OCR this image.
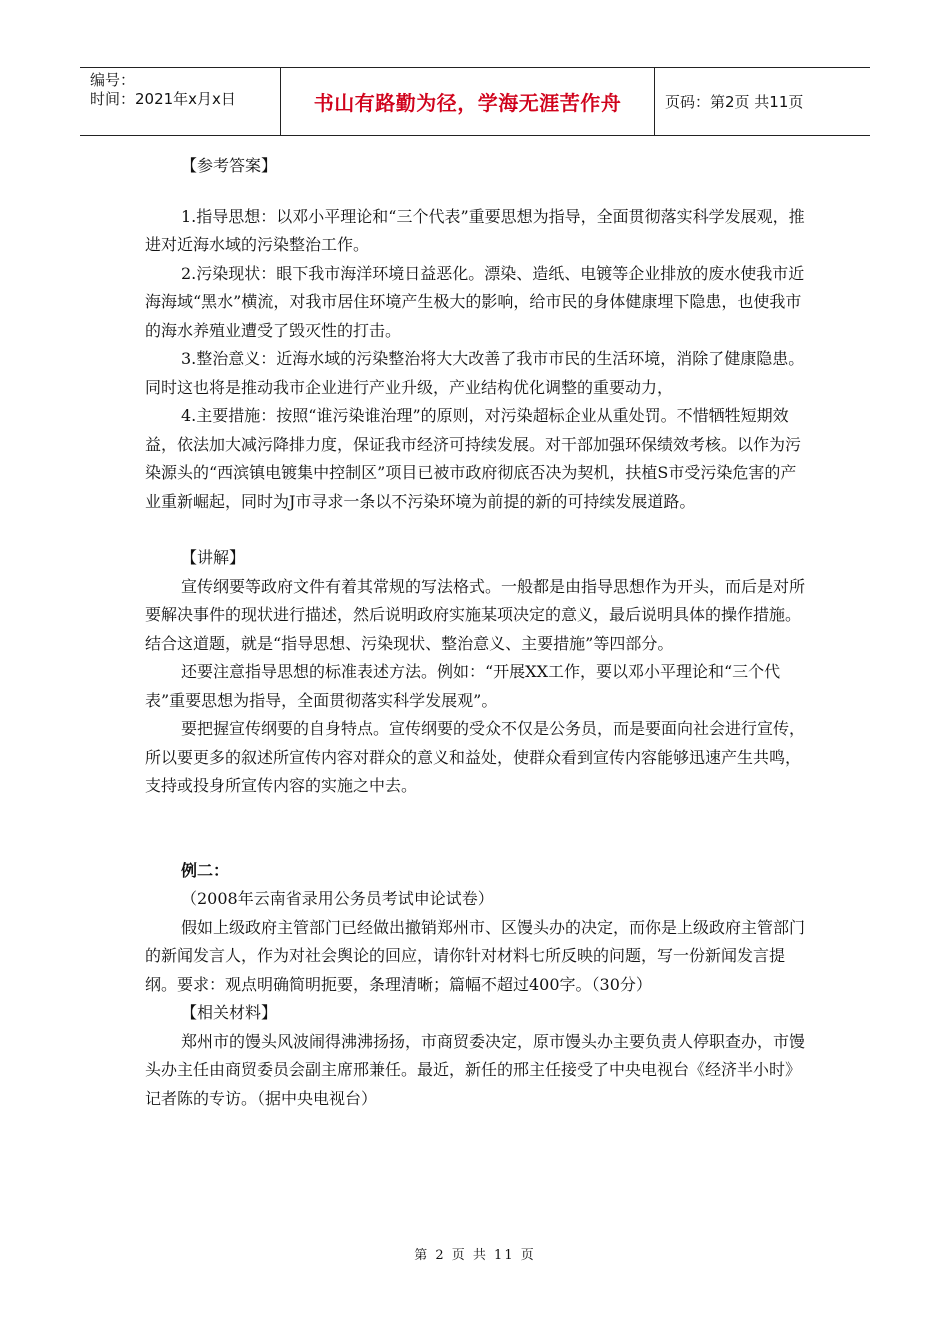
编号：
时间：2021年x月x日	书山有路勤为径，学海无涯苦作舟	页码：第2页 共11页

【参考答案】

1.指导思想：以邓小平理论和“三个代表”重要思想为指导，全面贯彻落实科学发展观，推进对近海水域的污染整治工作。

2.污染现状：眼下我市海洋环境日益恶化。漂染、造纸、电镀等企业排放的废水使我市近海海域“黑水”横流，对我市居住环境产生极大的影响，给市民的身体健康埋下隐患，也使我市的海水养殖业遭受了毁灭性的打击。

3.整治意义：近海水域的污染整治将大大改善了我市市民的生活环境，消除了健康隐患。同时这也将是推动我市企业进行产业升级，产业结构优化调整的重要动力，

4.主要措施：按照“谁污染谁治理”的原则，对污染超标企业从重处罚。不惜牺牲短期效益，依法加大减污降排力度，保证我市经济可持续发展。对干部加强环保绩效考核。以作为污染源头的“西滨镇电镀集中控制区”项目已被市政府彻底否决为契机，扶植S市受污染危害的产业重新崛起，同时为J市寻求一条以不污染环境为前提的新的可持续发展道路。

【讲解】

宣传纲要等政府文件有着其常规的写法格式。一般都是由指导思想作为开头，而后是对所要解决事件的现状进行描述，然后说明政府实施某项决定的意义，最后说明具体的操作措施。结合这道题，就是“指导思想、污染现状、整治意义、主要措施”等四部分。

还要注意指导思想的标准表述方法。例如：“开展XX工作，要以邓小平理论和“三个代表”重要思想为指导，全面贯彻落实科学发展观”。

要把握宣传纲要的自身特点。宣传纲要的受众不仅是公务员，而是要面向社会进行宣传，所以要更多的叙述所宣传内容对群众的意义和益处，使群众看到宣传内容能够迅速产生共鸣，支持或投身所宣传内容的实施之中去。

例二：

（2008年云南省录用公务员考试申论试卷）

假如上级政府主管部门已经做出撤销郑州市、区馒头办的决定，而你是上级政府主管部门的新闻发言人，作为对社会舆论的回应，请你针对材料七所反映的问题，写一份新闻发言提纲。要求：观点明确简明扼要，条理清晰；篇幅不超过400字。（30分）

【相关材料】

郑州市的馒头风波闹得沸沸扬扬，市商贸委决定，原市馒头办主要负责人停职查办，市馒头办主任由商贸委员会副主席邢兼任。最近，新任的邢主任接受了中央电视台《经济半小时》记者陈的专访。（据中央电视台）

第 2 页 共 11 页
